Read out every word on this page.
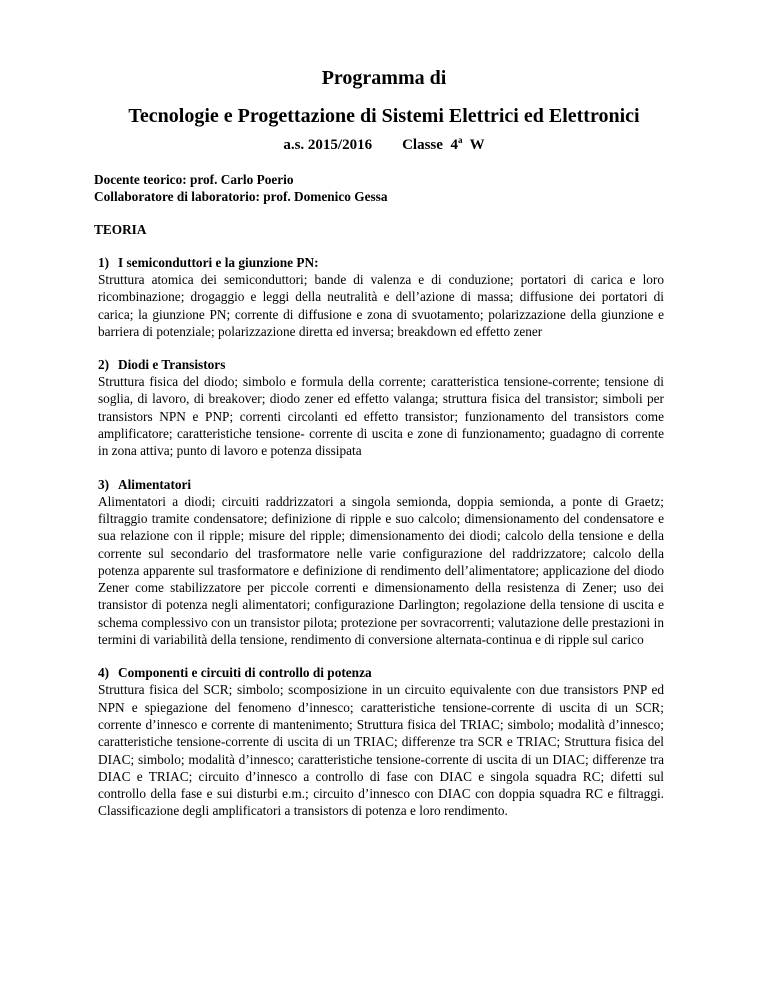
Programma di
Tecnologie e Progettazione di Sistemi Elettrici ed Elettronici
a.s. 2015/2016 Classe 4$^a$ W
Docente teorico: prof. Carlo Poerio
Collaboratore di laboratorio: prof. Domenico Gessa
TEORIA
1) I semiconduttori e la giunzione PN:
Struttura atomica dei semiconduttori; bande di valenza e di conduzione; portatori di carica e loro ricombinazione; drogaggio e leggi della neutralità e dell’azione di massa; diffusione dei portatori di carica; la giunzione PN; corrente di diffusione e zona di svuotamento; polarizzazione della giunzione e barriera di potenziale; polarizzazione diretta ed inversa; breakdown ed effetto zener
2) Diodi e Transistors
Struttura fisica del diodo; simbolo e formula della corrente; caratteristica tensione-corrente; tensione di soglia, di lavoro, di breakover; diodo zener ed effetto valanga; struttura fisica del transistor; simboli per transistors NPN e PNP; correnti circolanti ed effetto transistor; funzionamento del transistors come amplificatore; caratteristiche tensione- corrente di uscita e zone di funzionamento; guadagno di corrente in zona attiva; punto di lavoro e potenza dissipata
3) Alimentatori
Alimentatori a diodi; circuiti raddrizzatori a singola semionda, doppia semionda, a ponte di Graetz; filtraggio tramite condensatore; definizione di ripple e suo calcolo; dimensionamento del condensatore e sua relazione con il ripple; misure del ripple; dimensionamento dei diodi; calcolo della tensione e della corrente sul secondario del trasformatore nelle varie configurazione del raddrizzatore; calcolo della potenza apparente sul trasformatore e definizione di rendimento dell’alimentatore; applicazione del diodo Zener come stabilizzatore per piccole correnti e dimensionamento della resistenza di Zener; uso dei transistor di potenza negli alimentatori; configurazione Darlington; regolazione della tensione di uscita e schema complessivo con un transistor pilota; protezione per sovracorrenti; valutazione delle prestazioni in termini di variabilità della tensione, rendimento di conversione alternata-continua e di ripple sul carico
4) Componenti e circuiti di controllo di potenza
Struttura fisica del SCR; simbolo; scomposizione in un circuito equivalente con due transistors PNP ed NPN e spiegazione del fenomeno d’innesco; caratteristiche tensione-corrente di uscita di un SCR; corrente d’innesco e corrente di mantenimento; Struttura fisica del TRIAC; simbolo; modalità d’innesco; caratteristiche tensione-corrente di uscita di un TRIAC; differenze tra SCR e TRIAC; Struttura fisica del DIAC; simbolo; modalità d’innesco; caratteristiche tensione-corrente di uscita di un DIAC; differenze tra DIAC e TRIAC; circuito d’innesco a controllo di fase con DIAC e singola squadra RC; difetti sul controllo della fase e sui disturbi e.m.; circuito d’innesco con DIAC con doppia squadra RC e filtraggi. Classificazione degli amplificatori a transistors di potenza e loro rendimento.
